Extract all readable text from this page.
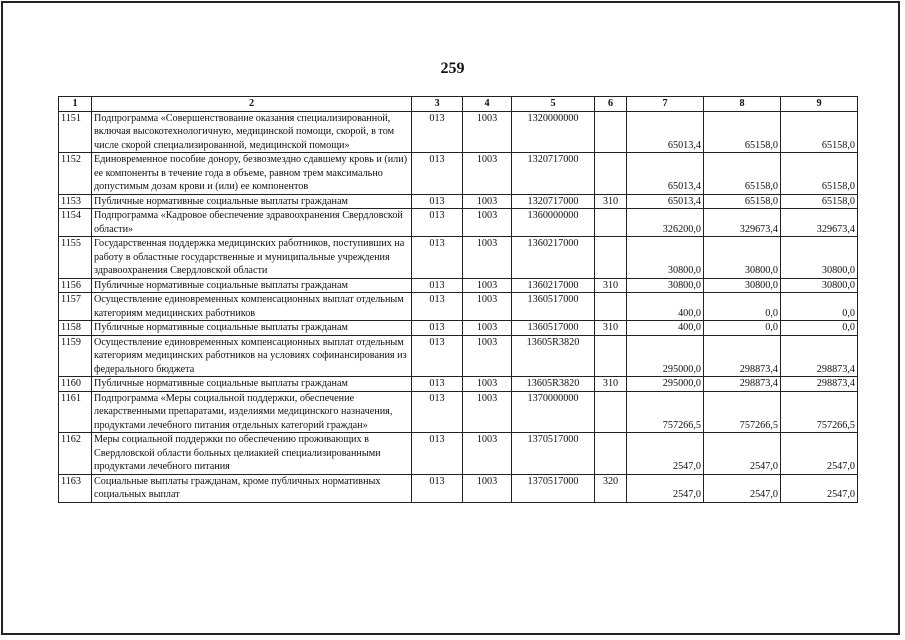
259
1	2	3	4	5	6	7	8	9
1151	Подпрограмма «Совершенствование оказания специализированной, включая высокотехнологичную, медицинской помощи, скорой, в том числе скорой специализированной, медицинской помощи»	013	1003	1320000000		65013,4	65158,0	65158,0
1152	Единовременное пособие донору, безвозмездно сдавшему кровь и (или) ее компоненты в течение года в объеме, равном трем максимально допустимым дозам крови и (или) ее компонентов	013	1003	1320717000		65013,4	65158,0	65158,0
1153	Публичные нормативные социальные выплаты гражданам	013	1003	1320717000	310	65013,4	65158,0	65158,0
1154	Подпрограмма «Кадровое обеспечение здравоохранения Свердловской области»	013	1003	1360000000		326200,0	329673,4	329673,4
1155	Государственная поддержка медицинских работников, поступивших на работу в областные государственные и муниципальные учреждения здравоохранения Свердловской области	013	1003	1360217000		30800,0	30800,0	30800,0
1156	Публичные нормативные социальные выплаты гражданам	013	1003	1360217000	310	30800,0	30800,0	30800,0
1157	Осуществление единовременных компенсационных выплат отдельным категориям медицинских работников	013	1003	1360517000		400,0	0,0	0,0
1158	Публичные нормативные социальные выплаты гражданам	013	1003	1360517000	310	400,0	0,0	0,0
1159	Осуществление единовременных компенсационных выплат отдельным категориям медицинских работников на условиях софинансирования из федерального бюджета	013	1003	13605R3820		295000,0	298873,4	298873,4
1160	Публичные нормативные социальные выплаты гражданам	013	1003	13605R3820	310	295000,0	298873,4	298873,4
1161	Подпрограмма «Меры социальной поддержки, обеспечение лекарственными препаратами, изделиями медицинского назначения, продуктами лечебного питания отдельных категорий граждан»	013	1003	1370000000		757266,5	757266,5	757266,5
1162	Меры социальной поддержки по обеспечению проживающих в Свердловской области больных целиакией специализированными продуктами лечебного питания	013	1003	1370517000		2547,0	2547,0	2547,0
1163	Социальные выплаты гражданам, кроме публичных нормативных социальных выплат	013	1003	1370517000	320	2547,0	2547,0	2547,0
